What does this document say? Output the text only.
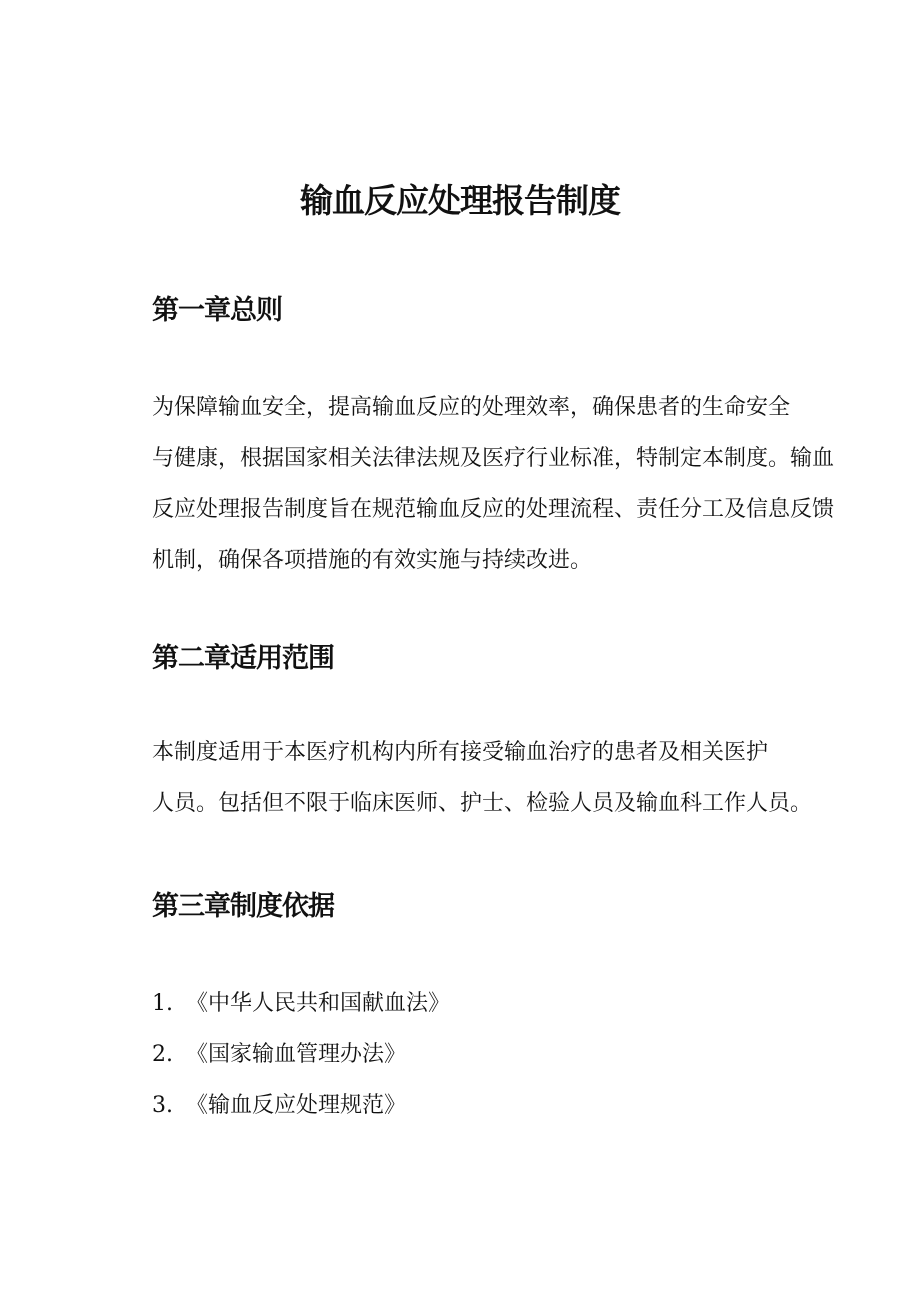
输血反应处理报告制度
第一章总则

为保障输血安全，提高输血反应的处理效率，确保患者的生命安全
与健康，根据国家相关法律法规及医疗行业标准，特制定本制度。输血
反应处理报告制度旨在规范输血反应的处理流程、责任分工及信息反馈
机制，确保各项措施的有效实施与持续改进。

第二章适用范围

本制度适用于本医疗机构内所有接受输血治疗的患者及相关医护
人员。包括但不限于临床医师、护士、检验人员及输血科工作人员。

第三章制度依据
1. 《中华人民共和国献血法》
2. 《国家输血管理办法》
3. 《输血反应处理规范》
